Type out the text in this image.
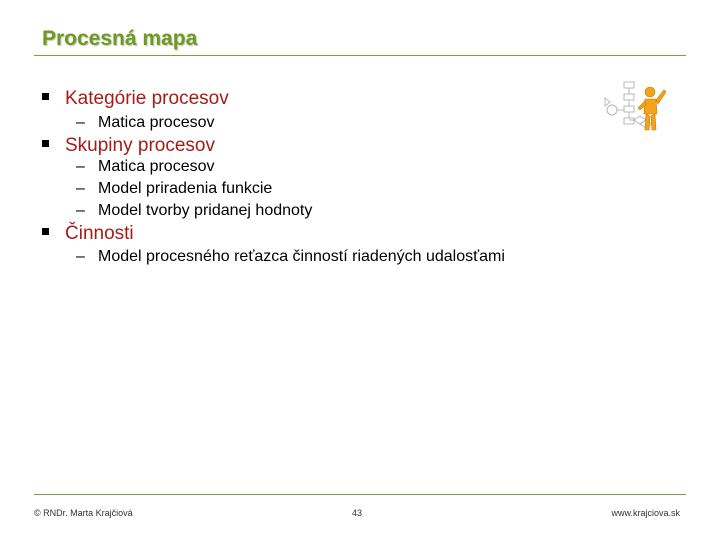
Procesná mapa
Kategórie procesov
– Matica procesov
Skupiny procesov
– Matica procesov
– Model priradenia funkcie
– Model tvorby pridanej hodnoty
Činnosti
– Model procesného reťazca činností riadených udalosťami
© RNDr. Marta Krajčiová	43	www.krajciova.sk
